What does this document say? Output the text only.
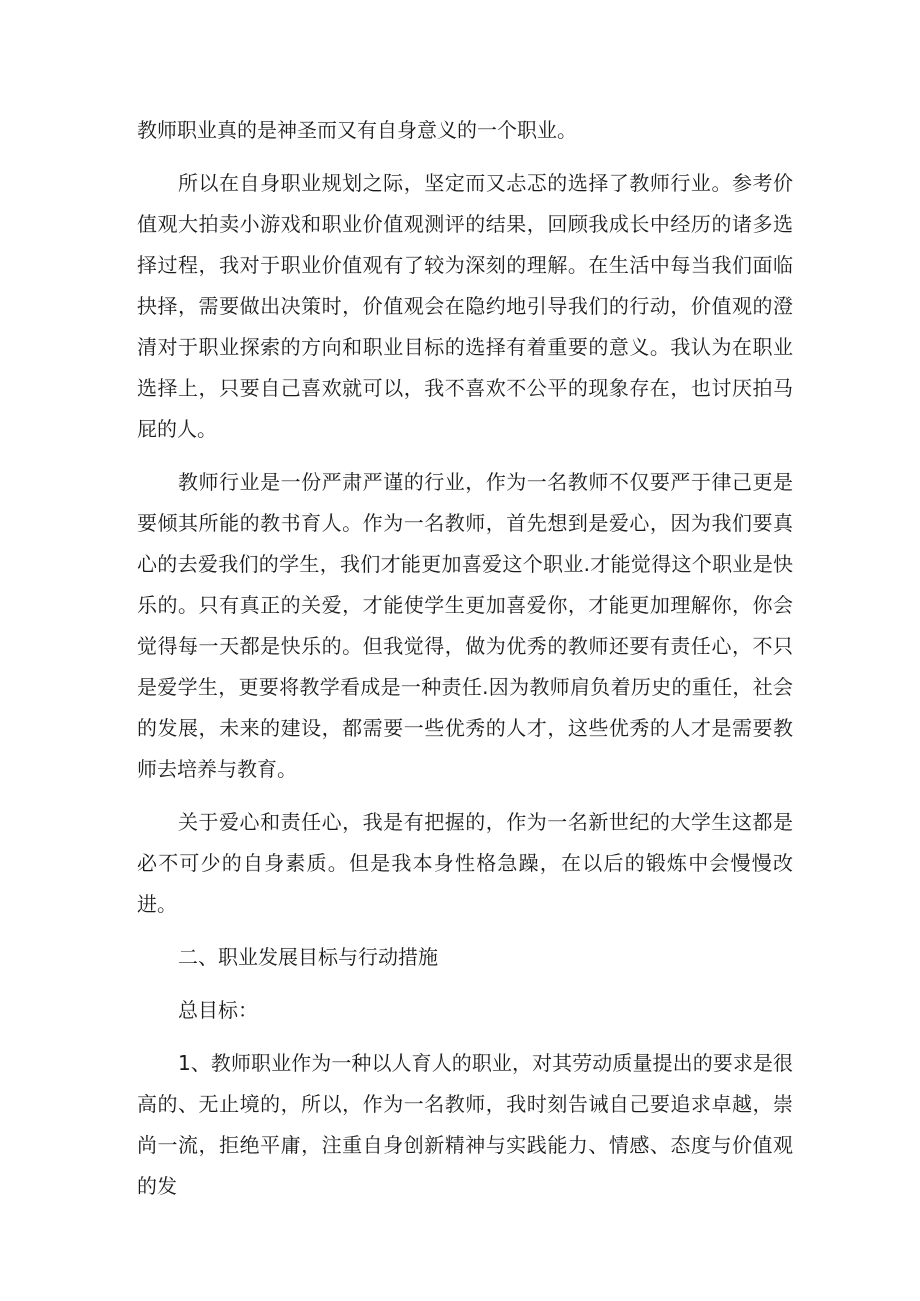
教师职业真的是神圣而又有自身意义的一个职业。

所以在自身职业规划之际，坚定而又忐忑的选择了教师行业。参考价值观大拍卖小游戏和职业价值观测评的结果，回顾我成长中经历的诸多选择过程，我对于职业价值观有了较为深刻的理解。在生活中每当我们面临抉择，需要做出决策时，价值观会在隐约地引导我们的行动，价值观的澄清对于职业探索的方向和职业目标的选择有着重要的意义。我认为在职业选择上，只要自己喜欢就可以，我不喜欢不公平的现象存在，也讨厌拍马屁的人。

教师行业是一份严肃严谨的行业，作为一名教师不仅要严于律己更是要倾其所能的教书育人。作为一名教师，首先想到是爱心，因为我们要真心的去爱我们的学生，我们才能更加喜爱这个职业.才能觉得这个职业是快乐的。只有真正的关爱，才能使学生更加喜爱你，才能更加理解你，你会觉得每一天都是快乐的。但我觉得，做为优秀的教师还要有责任心，不只是爱学生，更要将教学看成是一种责任.因为教师肩负着历史的重任，社会的发展，未来的建设，都需要一些优秀的人才，这些优秀的人才是需要教师去培养与教育。

关于爱心和责任心，我是有把握的，作为一名新世纪的大学生这都是必不可少的自身素质。但是我本身性格急躁，在以后的锻炼中会慢慢改进。

二、职业发展目标与行动措施

总目标：

1、教师职业作为一种以人育人的职业，对其劳动质量提出的要求是很高的、无止境的，所以，作为一名教师，我时刻告诫自己要追求卓越，崇尚一流，拒绝平庸，注重自身创新精神与实践能力、情感、态度与价值观的发
